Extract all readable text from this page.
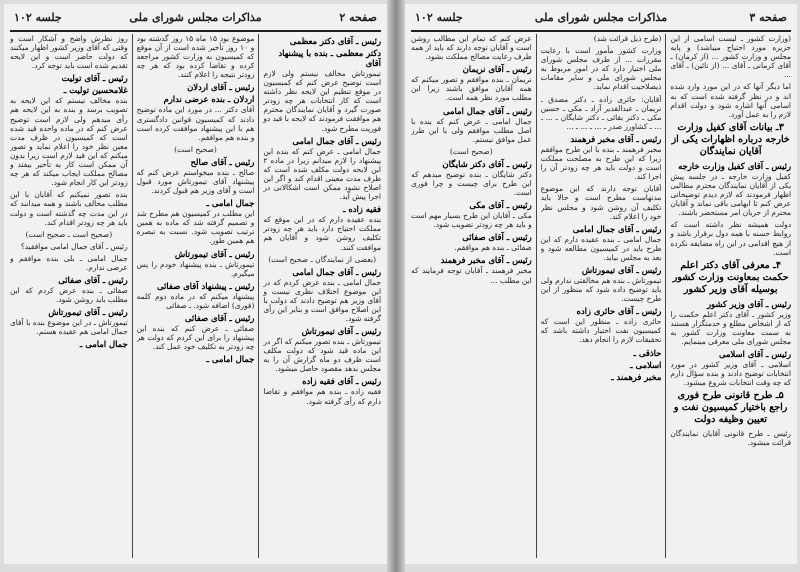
جلسه ۱۰۲	مذاکرات مجلس شورای ملی	صفحه ۲

رئیس ـ آقای دکتر معظمی

دکتر معظمی ـ بنده با پیشنهاد آقای

تیمورتاش مخالف نیستم ولی لازم است توضیح عرض کنم که کمیسیون در موقع تنظیم این لایحه نظر داشته است که کار انتخابات هر چه زودتر صورت گیرد و آقایان نمایندگان محترم هم موافقت فرمودند که لایحه با قید دو فوریت مطرح شود.

رئیس ـ آقای جمال امامی

جمال امامی ـ عرض کنم که بنده این پیشنهاد را لازم میدانم زیرا در ماده ۲ این لایحه دولت مکلف شده است که ظرف مدت معینی اقدام کند و اگر این اصلاح نشود ممکن است اشکالاتی در اجرا پیش آید.

فقیه زاده ـ

بنده عقیده دارم که در این موقع که مملکت احتیاج دارد باید هر چه زودتر تکلیف روشن شود و آقایان هم موافقت کنند.

(بعضی از نمایندگان ـ صحیح است)

رئیس ـ آقای جمال امامی

جمال امامی ـ بنده عرض کردم که در این موضوع اختلاف نظری نیست و آقای وزیر هم توضیح دادند که دولت با این اصلاح موافق است و بنابر این رأی گرفته شود.

رئیس ـ آقای تیمورتاش

تیمورتاش ـ بنده تصور میکنم که اگر در این ماده قید شود که دولت مکلف است ظرف دو ماه گزارش آن را به مجلس بدهد مقصود حاصل میشود.

رئیس ـ آقای فقیه زاده

فقیه زاده ـ بنده هم موافقم و تقاضا دارم که رأی گرفته شود.

موضوع بود ۱۵ ماه ۱۵ روز گذشته بود و ۱۰ روز تأخیر شده است از آن موقع که کمیسیون به وزارت کشور مراجعه کرده و تقاضا کرده بود که هر چه زودتر نتیجه را اعلام کنند.

رئیس ـ آقای اردلان

اردلان ـ بنده عرضی ندارم

آقای دکتر ... در مورد این ماده توضیح دادند که کمیسیون قوانین دادگستری هم با این پیشنهاد موافقت کرده است و بنده هم موافقم.

(صحیح است)

رئیس ـ آقای صالح

صالح ـ بنده میخواستم عرض کنم که پیشنهاد آقای تیمورتاش مورد قبول است و آقای وزیر هم قبول کردند.

جمال امامی ـ

این مطلب در کمیسیون هم مطرح شد و تصمیم گرفته شد که ماده به همین ترتیب تصویب شود. نسبت به تبصره هم همین طور.

رئیس ـ آقای تیمورتاش

تیمورتاش ـ بنده پیشنهاد خودم را پس میگیرم.

رئیس ـ پیشنهاد آقای صفائی

پیشنهاد میکنم که در ماده دوم کلمه (فوری) اضافه شود. ـ صفائی

رئیس ـ آقای صفائی

صفائی ـ عرض کنم که بنده این پیشنهاد را برای این کردم که دولت هر چه زودتر به تکلیف خود عمل کند.

جمال امامی ـ

روز نظرش واضح و آشکار است و وقتی که آقای وزیر کشور اظهار میکنند که دولت حاضر است و این لایحه تقدیم شده است باید توجه کرد.

رئیس ـ آقای تولیت

غلامحسین تولیت ـ

بنده مخالف نیستم که این لایحه به تصویب برسد و بنده به این لایحه هم رأی میدهم ولی لازم است توضیح عرض کنم که در ماده واحده قید شده است که کمیسیون در ظرف مدت معین نظر خود را اعلام نماید و تصور میکنم که این قید لازم است زیرا بدون آن ممکن است کار به تأخیر بیفتد و مصالح مملکت ایجاب میکند که هر چه زودتر این کار انجام شود.

بنده تصور نمیکنم که آقایان با این مطلب مخالف باشند و همه میدانند که در این مدت چه گذشته است و دولت باید هر چه زودتر اقدام کند.

(صحیح است ـ صحیح است)

رئیس ـ آقای جمال امامی موافقید؟

جمال امامی ـ بلی بنده موافقم و عرضی ندارم.

رئیس ـ آقای صفائی

صفائی ـ بنده عرض کردم که این مطلب باید روشن شود.

رئیس ـ آقای تیمورتاش

تیمورتاش ـ در این موضوع بنده با آقای جمال امامی هم عقیده هستم.

جمال امامی ـ

جلسه ۱۰۲	مذاکرات مجلس شورای ملی	صفحه ۳

(وزارت کشور ـ لیست اسامی از این جزیره مورد احتیاج میباشد) و پایه مجلس و وزارت کشور ... (از کرمان) ـ آقای کرمانی ـ آقای ... (از نائین) ـ آقای ...

اما دیگر آنها که در این مورد وارد شده اند و در نظر گرفته شده است که به اسامی آنها اشاره شود و دولت اقدام لازم را به عمل آورد.

۳ـ بیانات آقای کفیل وزارت خارجه درباره اظهارات یکی از آقایان نمایندگان

رئیس ـ آقای کفیل وزارت خارجه

کفیل وزارت خارجه ـ در جلسه پیش یکی از آقایان نمایندگان محترم مطالبی اظهار فرمودند که لازم دیدم توضیحاتی عرض کنم تا ابهامی باقی نماند و آقایان محترم از جریان امر مستحضر باشند.

دولت همیشه نظر داشته است که روابط حسنه با همه دول برقرار باشد و از هیچ اقدامی در این راه مضایقه نکرده است.

۴ـ معرفی آقای دکتر اعلم حکمت بمعاونت وزارت کشور بوسیله آقای وزیر کشور

رئیس ـ آقای وزیر کشور

وزیر کشور ـ آقای دکتر اعلم حکمت را که از اشخاص مطلع و خدمتگزار هستند به سمت معاونت وزارت کشور به مجلس شورای ملی معرفی مینمایم.

رئیس ـ آقای اسلامی

اسلامی ـ آقای وزیر کشور در مورد انتخابات توضیح دادند و بنده سؤال دارم که چه وقت انتخابات شروع میشود.

۵ـ طرح قانونی طرح فوری راجع باختیار کمیسیون نفت و تعیین وظیفه دولت

رئیس ـ طرح قانونی آقایان نمایندگان قرائت میشود.

(طرح ذیل قرائت شد)

وزارت کشور مأمور است با رعایت مقررات ... از طرف مجلس شورای ملی اختیار دارد که در امور مربوط به مجلس شورای ملی و سایر مقامات ذیصلاحیت اقدام نماید.

آقایان: حائری زاده ـ دکتر مصدق ـ نریمان ـ عبدالقدیر آزاد ـ مکی ـ حسین مکی ـ دکتر بقائی ـ دکتر شایگان ـ ... ـ ... ـ کشاورز صدر ـ ... ـ ... ـ ...

رئیس ـ آقای مخبر فرهمند

مخبر فرهمند ـ بنده با این طرح موافقم زیرا که این طرح به مصلحت مملکت است و دولت باید هر چه زودتر آن را اجرا کند.

آقایان توجه دارند که این موضوع مدتهاست مطرح است و حالا باید تکلیف آن روشن شود و مجلس نظر خود را اعلام کند.

رئیس ـ آقای جمال امامی

جمال امامی ـ بنده عقیده دارم که این طرح باید در کمیسیون مطالعه شود و بعد به مجلس بیاید.

رئیس ـ آقای تیمورتاش

تیمورتاش ـ بنده هم مخالفتی ندارم ولی باید توضیح داده شود که منظور از این طرح چیست.

رئیس ـ آقای حائری زاده

حائری زاده ـ منظور این است که کمیسیون نفت اختیار داشته باشد که تحقیقات لازم را انجام دهد.

حاذقی ـ

اسلامی ـ

مخبر فرهمند ـ

عرض کنم که تمام این مطالب روشن است و آقایان توجه دارند که باید از همه طرف رعایت مصالح مملکت بشود.

رئیس ـ آقای نریمان

نریمان ـ بنده موافقم و تصور میکنم که همه آقایان موافق باشند زیرا این مطلب مورد نظر همه است.

رئیس ـ آقای جمال امامی

جمال امامی ـ عرض کنم که بنده با اصل مطلب موافقم ولی با این طرز عمل موافق نیستم.

(صحیح است)

رئیس ـ آقای دکتر شایگان

دکتر شایگان ـ بنده توضیح میدهم که این طرح برای چیست و چرا فوری است.

رئیس ـ آقای مکی

مکی ـ آقایان این طرح بسیار مهم است و باید هر چه زودتر تصویب شود.

رئیس ـ آقای صفائی

صفائی ـ بنده هم موافقم.

رئیس ـ آقای مخبر فرهمند

مخبر فرهمند ـ آقایان توجه فرمایند که این مطلب ...
